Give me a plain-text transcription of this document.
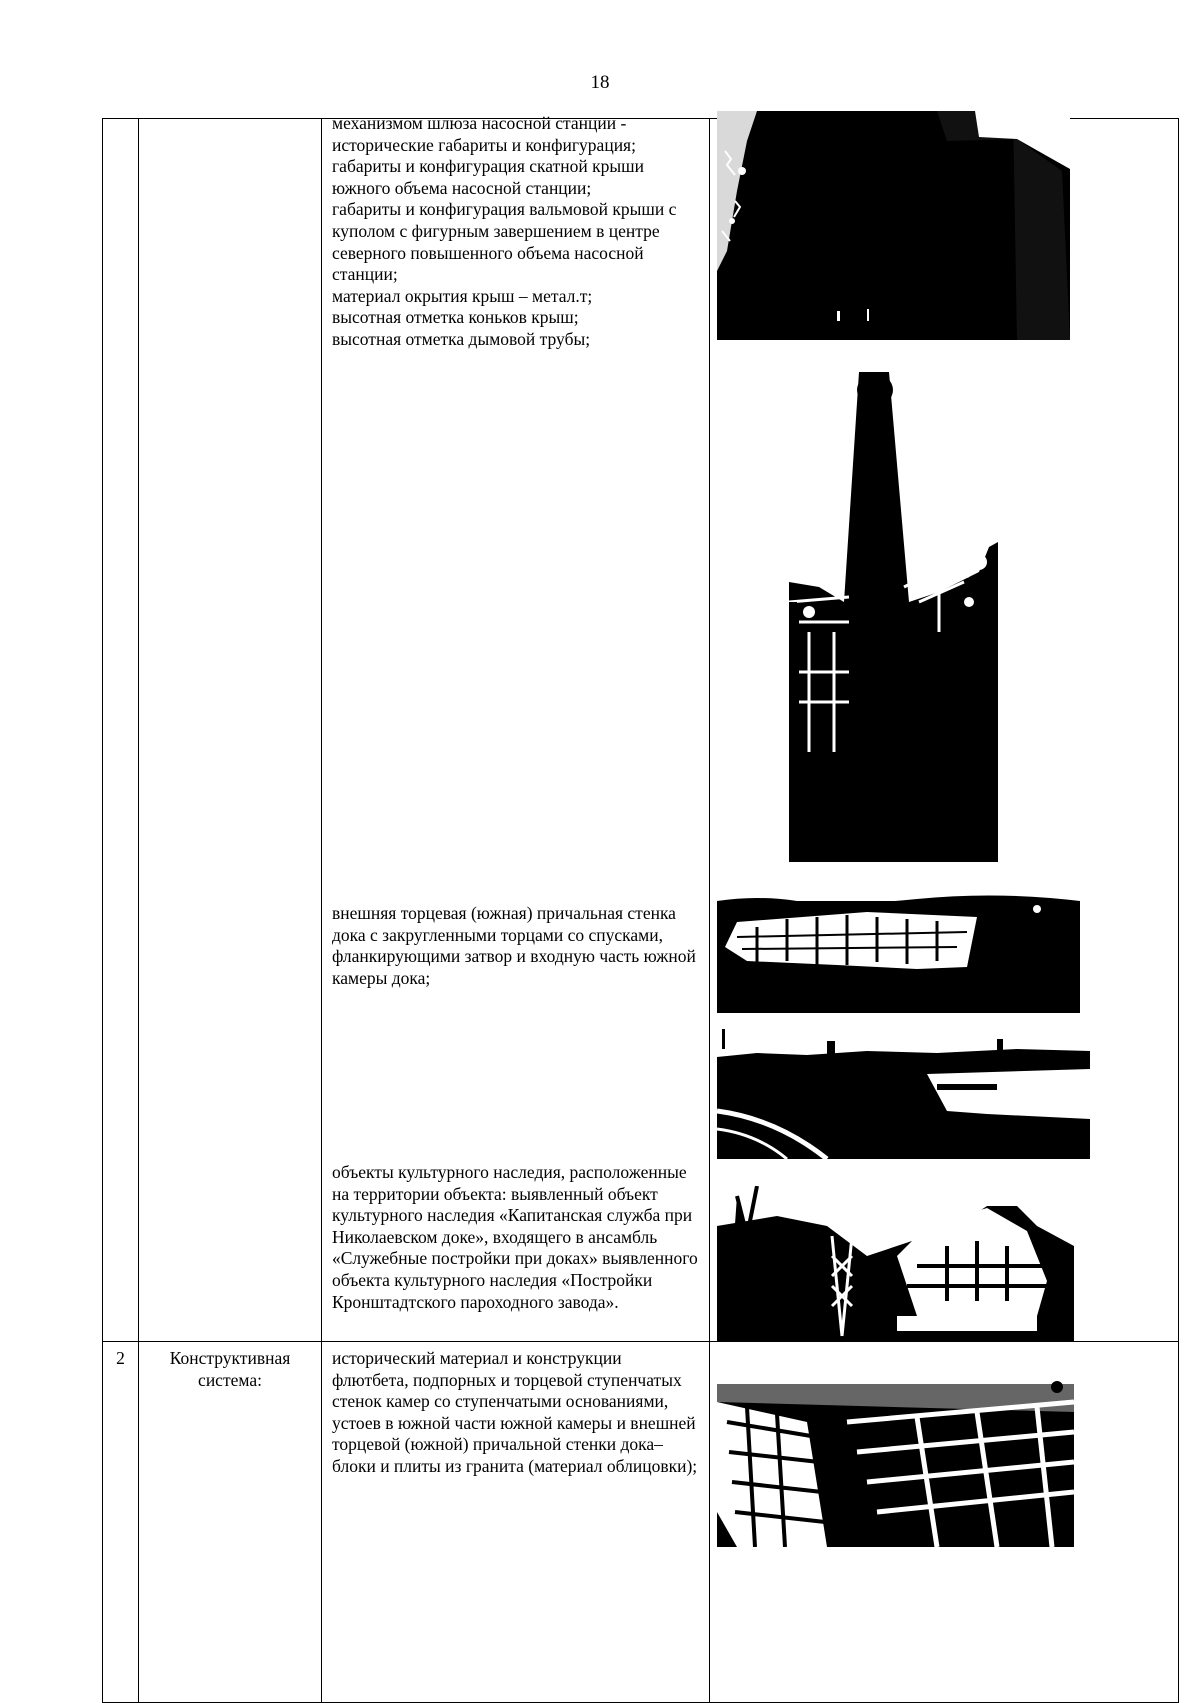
18
механизмом шлюза насосной станции - исторические габариты и конфигурация;
габариты и конфигурация скатной крыши южного объема насосной станции;
габариты и конфигурация вальмовой крыши с куполом с фигурным завершением в центре северного повышенного объема насосной станции;
материал окрытия крыш – метал.т;
высотная отметка коньков крыш;
высотная отметка дымовой трубы;
внешняя торцевая (южная) причальная стенка дока с закругленными торцами со спусками, фланкирующими затвор и входную часть южной камеры дока;
объекты культурного наследия, расположенные на территории объекта: выявленный объект культурного наследия «Капитанская служба при Николаевском доке», входящего в ансамбль «Служебные постройки при доках» выявленного объекта культурного наследия «Постройки Кронштадтского пароходного завода».
2	Конструктивная система:
исторический материал и конструкции флютбета, подпорных и торцевой ступенчатых стенок камер со ступенчатыми основаниями, устоев в южной части южной камеры и внешней торцевой (южной) причальной стенки дока– блоки и плиты из гранита (материал облицовки);
